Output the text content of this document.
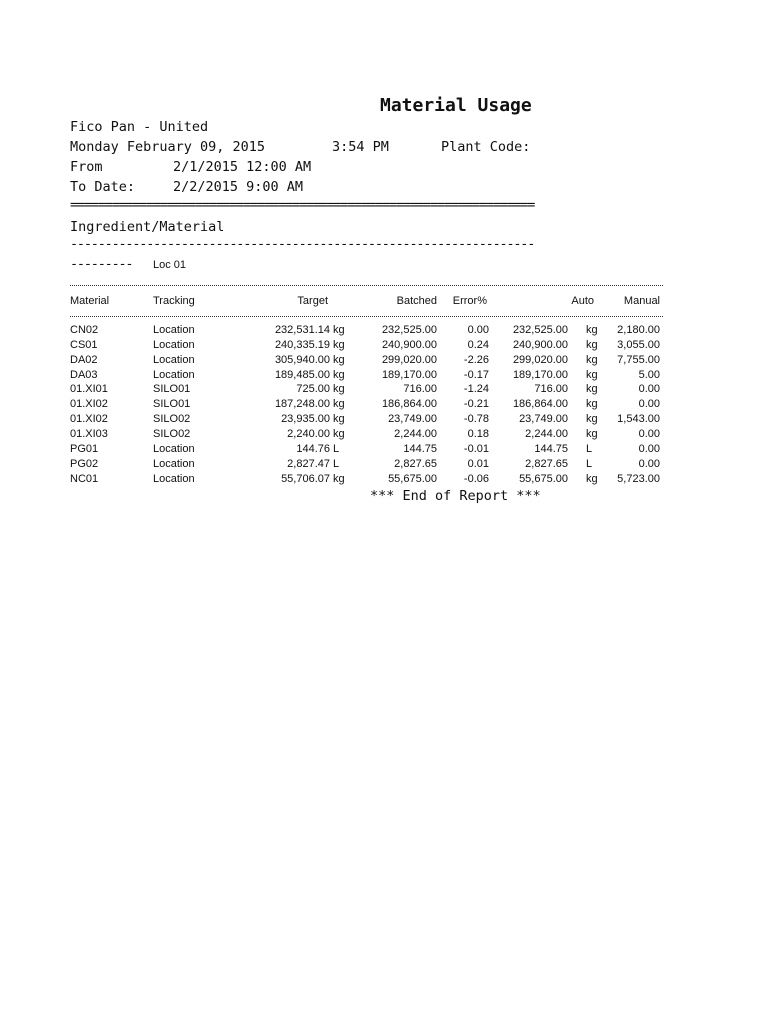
Material Usage
Fico Pan - United
Monday February 09, 2015	3:54 PM	Plant Code:
From	2/1/2015 12:00 AM
To Date:	2/2/2015 9:00 AM
===================================================================
Ingredient/Material
-------------------------------------------------------------------
--------- Loc 01
Material	Tracking	Target	Batched	Error%	Auto	Manual
CN02	Location	232,531.14 kg	232,525.00	0.00	232,525.00 kg	2,180.00
CS01	Location	240,335.19 kg	240,900.00	0.24	240,900.00 kg	3,055.00
DA02	Location	305,940.00 kg	299,020.00	-2.26	299,020.00 kg	7,755.00
DA03	Location	189,485.00 kg	189,170.00	-0.17	189,170.00 kg	5.00
01.XI01	SILO01	725.00 kg	716.00	-1.24	716.00 kg	0.00
01.XI02	SILO01	187,248.00 kg	186,864.00	-0.21	186,864.00 kg	0.00
01.XI02	SILO02	23,935.00 kg	23,749.00	-0.78	23,749.00 kg	1,543.00
01.XI03	SILO02	2,240.00 kg	2,244.00	0.18	2,244.00 kg	0.00
PG01	Location	144.76 L	144.75	-0.01	144.75 L	0.00
PG02	Location	2,827.47 L	2,827.65	0.01	2,827.65 L	0.00
NC01	Location	55,706.07 kg	55,675.00	-0.06	55,675.00 kg	5,723.00
*** End of Report ***
